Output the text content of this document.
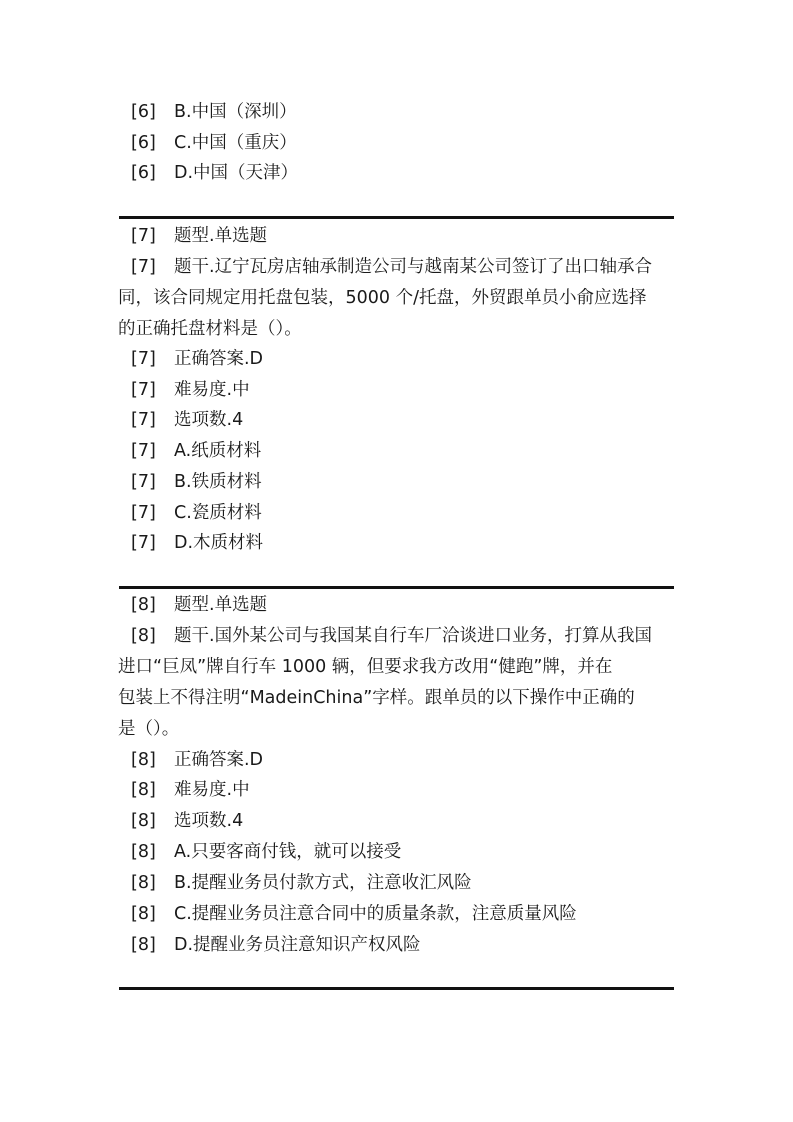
[6]	B.中国（深圳）
[6]	C.中国（重庆）
[6]	D.中国（天津）
[7]	题型.单选题
[7] 题干.辽宁瓦房店轴承制造公司与越南某公司签订了出口轴承合
同，该合同规定用托盘包装，5000 个/托盘，外贸跟单员小俞应选择
的正确托盘材料是（）。
[7]	正确答案.D
[7]	难易度.中
[7]	选项数.4
[7]	A.纸质材料
[7]	B.铁质材料
[7]	C.瓷质材料
[7]	D.木质材料
[8]	题型.单选题
[8] 题干.国外某公司与我国某自行车厂洽谈进口业务，打算从我国
进口“巨凤”牌自行车 1000 辆，但要求我方改用“健跑”牌，并在
包装上不得注明“MadeinChina”字样。跟单员的以下操作中正确的
是（）。
[8]	正确答案.D
[8]	难易度.中
[8]	选项数.4
[8]	A.只要客商付钱，就可以接受
[8]	B.提醒业务员付款方式，注意收汇风险
[8]	C.提醒业务员注意合同中的质量条款，注意质量风险
[8]	D.提醒业务员注意知识产权风险
